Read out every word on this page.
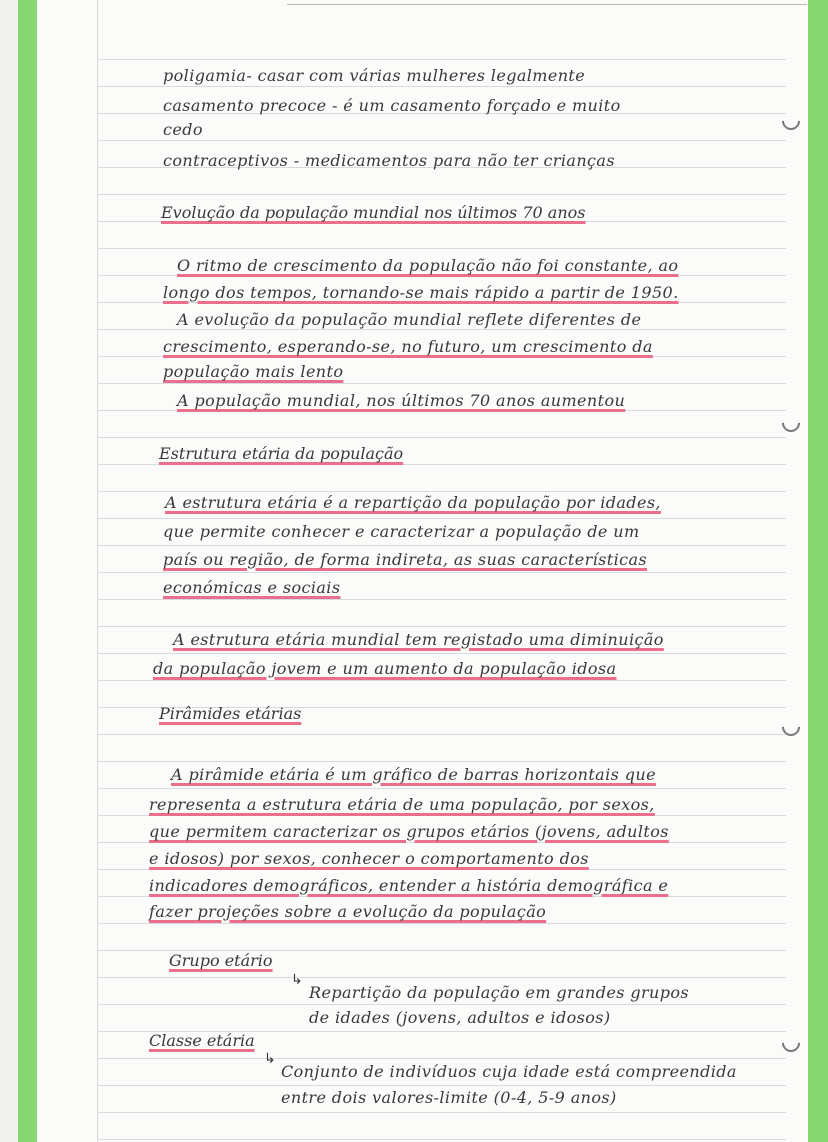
poligamia- casar com várias mulheres legalmente
casamento precoce - é um casamento forçado e muito
cedo
contraceptivos - medicamentos para não ter crianças
Evolução da população mundial nos últimos 70 anos
O ritmo de crescimento da população não foi constante, ao
longo dos tempos, tornando-se mais rápido a partir de 1950.
A evolução da população mundial reflete diferentes de
crescimento, esperando-se, no futuro, um crescimento da
população mais lento
A população mundial, nos últimos 70 anos aumentou
Estrutura etária da população
A estrutura etária é a repartição da população por idades,
que permite conhecer e caracterizar a população de um
país ou região, de forma indireta, as suas características
económicas e sociais
A estrutura etária mundial tem registado uma diminuição
da população jovem e um aumento da população idosa
Pirâmides etárias
A pirâmide etária é um gráfico de barras horizontais que
representa a estrutura etária de uma população, por sexos,
que permitem caracterizar os grupos etários (jovens, adultos
e idosos) por sexos, conhecer o comportamento dos
indicadores demográficos, entender a história demográfica e
fazer projeções sobre a evolução da população
Grupo etário
↳
Repartição da população em grandes grupos
de idades (jovens, adultos e idosos)
Classe etária
↳
Conjunto de indivíduos cuja idade está compreendida
entre dois valores-limite (0-4, 5-9 anos)
